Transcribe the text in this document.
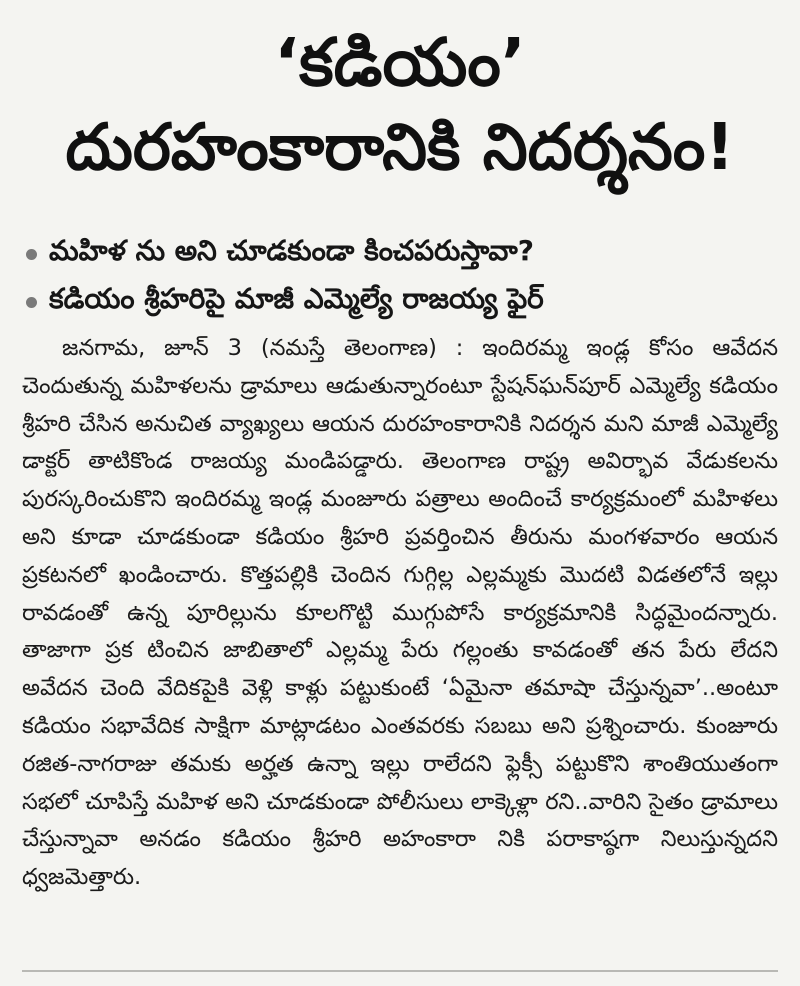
‘కడియం’
దురహంకారానికి నిదర్శనం!
మహిళ ను అని చూడకుండా కించపరుస్తావా?
కడియం శ్రీహరిపై మాజీ ఎమ్మెల్యే రాజయ్య ఫైర్
జనగామ, జూన్ 3 (నమస్తే తెలంగాణ) : ఇందిరమ్మ ఇండ్ల కోసం ఆవేదన చెందుతున్న మహిళలను డ్రామాలు ఆడుతున్నారంటూ స్టేషన్‌ఘన్‌పూర్ ఎమ్మెల్యే కడియం శ్రీహరి చేసిన అనుచిత వ్యాఖ్యలు ఆయన దురహంకారానికి నిదర్శన మని మాజీ ఎమ్మెల్యే డాక్టర్ తాటికొండ రాజయ్య మండిపడ్డారు. తెలంగాణ రాష్ట్ర అవిర్భావ వేడుకలను పురస్కరించుకొని ఇందిరమ్మ ఇండ్ల మంజూరు పత్రాలు అందించే కార్యక్రమంలో మహిళలు అని కూడా చూడకుండా కడియం శ్రీహరి ప్రవర్తించిన తీరును మంగళవారం ఆయన ప్రకటనలో ఖండించారు. కొత్తపల్లికి చెందిన గుగ్గిల్ల ఎల్లమ్మకు మొదటి విడతలోనే ఇల్లు రావడంతో ఉన్న పూరిల్లును కూలగొట్టి ముగ్గుపోసే కార్యక్రమానికి సిద్ధమైందన్నారు. తాజాగా ప్రక టించిన జాబితాలో ఎల్లమ్మ పేరు గల్లంతు కావడంతో తన పేరు లేదని అవేదన చెంది వేదికపైకి వెళ్లి కాళ్లు పట్టుకుంటే ‘ఏమైనా తమాషా చేస్తున్నవా’..అంటూ కడియం సభావేదిక సాక్షిగా మాట్లాడటం ఎంతవరకు సబబు అని ప్రశ్నించారు. కుంజూరు రజిత-నాగరాజు తమకు అర్హత ఉన్నా ఇల్లు రాలేదని ఫ్లెక్సీ పట్టుకొని శాంతియుతంగా సభలో చూపిస్తే మహిళ అని చూడకుండా పోలీసులు లాక్కెళ్లా రని..వారిని సైతం డ్రామాలు చేస్తున్నావా అనడం కడియం శ్రీహరి అహంకారా నికి పరాకాష్ఠగా నిలుస్తున్నదని ధ్వజమెత్తారు.
